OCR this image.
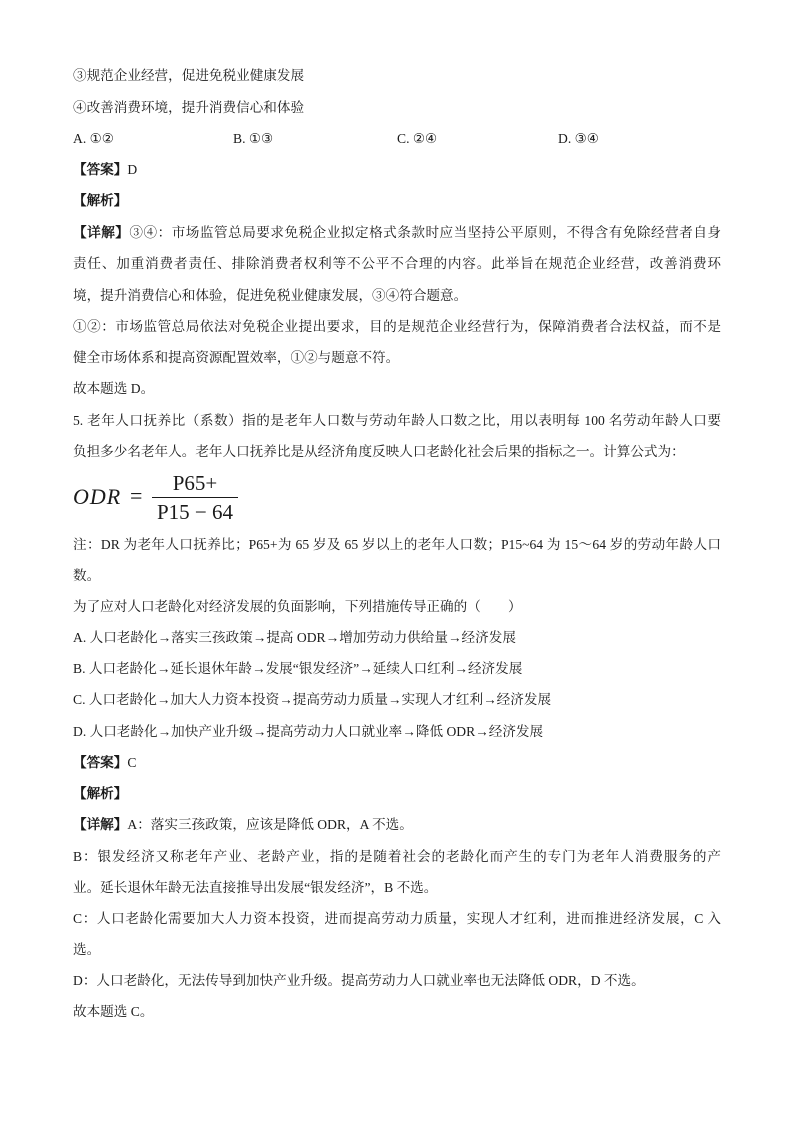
③规范企业经营，促进免税业健康发展
④改善消费环境，提升消费信心和体验
A. ①②	B. ①③	C. ②④	D. ③④
【答案】D
【解析】
【详解】③④：市场监管总局要求免税企业拟定格式条款时应当坚持公平原则，不得含有免除经营者自身
责任、加重消费者责任、排除消费者权利等不公平不合理的内容。此举旨在规范企业经营，改善消费环
境，提升消费信心和体验，促进免税业健康发展，③④符合题意。
①②：市场监管总局依法对免税企业提出要求，目的是规范企业经营行为，保障消费者合法权益，而不是
健全市场体系和提高资源配置效率，①②与题意不符。
故本题选 D。
5. 老年人口抚养比（系数）指的是老年人口数与劳动年龄人口数之比，用以表明每 100 名劳动年龄人口要
负担多少名老年人。老年人口抚养比是从经济角度反映人口老龄化社会后果的指标之一。计算公式为：
ODR =	P65+
P15 − 64
注：DR 为老年人口抚养比；P65+为 65 岁及 65 岁以上的老年人口数；P15~64 为 15～64 岁的劳动年龄人口
数。
为了应对人口老龄化对经济发展的负面影响，下列措施传导正确的（　　）
A. 人口老龄化→落实三孩政策→提高 ODR→增加劳动力供给量→经济发展
B. 人口老龄化→延长退休年龄→发展“银发经济”→延续人口红利→经济发展
C. 人口老龄化→加大人力资本投资→提高劳动力质量→实现人才红利→经济发展
D. 人口老龄化→加快产业升级→提高劳动力人口就业率→降低 ODR→经济发展
【答案】C
【解析】
【详解】A：落实三孩政策，应该是降低 ODR，A 不选。
B：银发经济又称老年产业、老龄产业，指的是随着社会的老龄化而产生的专门为老年人消费服务的产
业。延长退休年龄无法直接推导出发展“银发经济”，B 不选。
C：人口老龄化需要加大人力资本投资，进而提高劳动力质量，实现人才红利，进而推进经济发展，C 入
选。
D：人口老龄化，无法传导到加快产业升级。提高劳动力人口就业率也无法降低 ODR，D 不选。
故本题选 C。
